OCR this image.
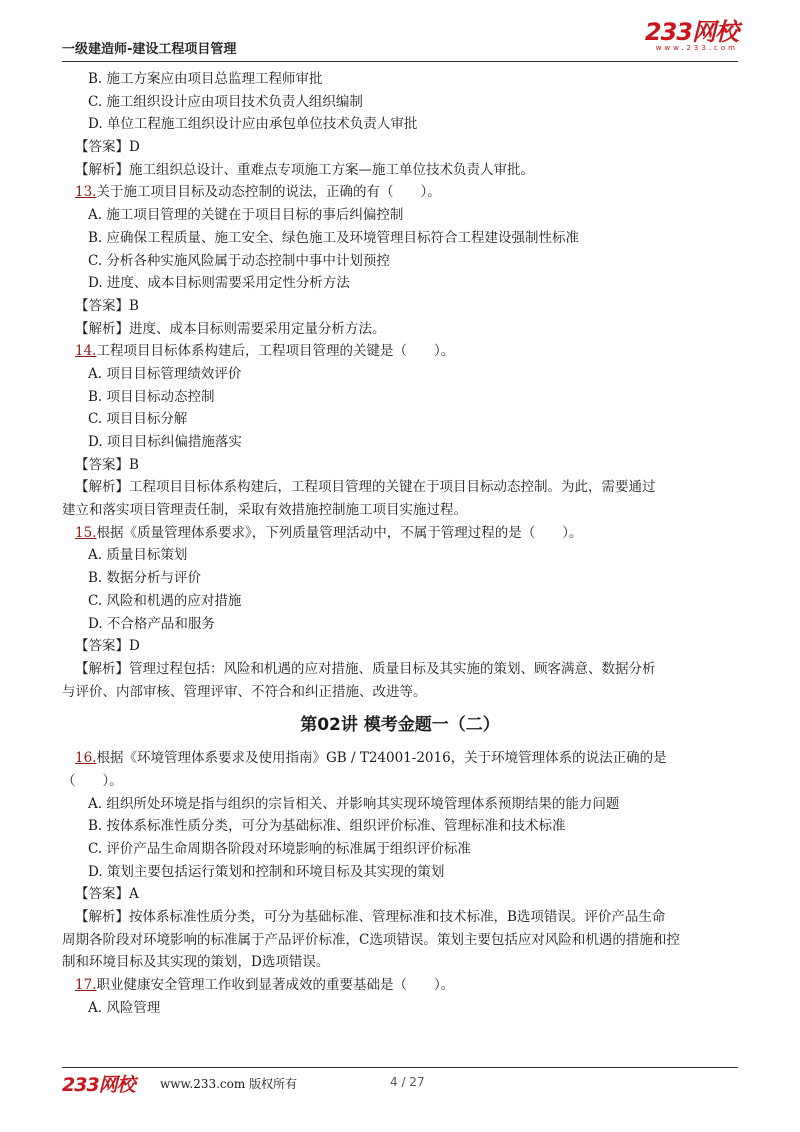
一级建造师-建设工程项目管理
233网校
www.233.com
B. 施工方案应由项目总监理工程师审批
C. 施工组织设计应由项目技术负责人组织编制
D. 单位工程施工组织设计应由承包单位技术负责人审批
【答案】D
【解析】施工组织总设计、重难点专项施工方案—施工单位技术负责人审批。
13.关于施工项目目标及动态控制的说法，正确的有（　　）。
A. 施工项目管理的关键在于项目目标的事后纠偏控制
B. 应确保工程质量、施工安全、绿色施工及环境管理目标符合工程建设强制性标准
C. 分析各种实施风险属于动态控制中事中计划预控
D. 进度、成本目标则需要采用定性分析方法
【答案】B
【解析】进度、成本目标则需要采用定量分析方法。
14.工程项目目标体系构建后，工程项目管理的关键是（　　）。
A. 项目目标管理绩效评价
B. 项目目标动态控制
C. 项目目标分解
D. 项目目标纠偏措施落实
【答案】B
【解析】工程项目目标体系构建后，工程项目管理的关键在于项目目标动态控制。为此，需要通过
建立和落实项目管理责任制，采取有效措施控制施工项目实施过程。
15.根据《质量管理体系要求》，下列质量管理活动中，不属于管理过程的是（　　）。
A. 质量目标策划
B. 数据分析与评价
C. 风险和机遇的应对措施
D. 不合格产品和服务
【答案】D
【解析】管理过程包括：风险和机遇的应对措施、质量目标及其实施的策划、顾客满意、数据分析
与评价、内部审核、管理评审、不符合和纠正措施、改进等。
第02讲 模考金题一（二）
16.根据《环境管理体系要求及使用指南》GB / T24001-2016，关于环境管理体系的说法正确的是
（　　）。
A. 组织所处环境是指与组织的宗旨相关、并影响其实现环境管理体系预期结果的能力问题
B. 按体系标准性质分类，可分为基础标准、组织评价标准、管理标准和技术标准
C. 评价产品生命周期各阶段对环境影响的标准属于组织评价标准
D. 策划主要包括运行策划和控制和环境目标及其实现的策划
【答案】A
【解析】按体系标准性质分类，可分为基础标准、管理标准和技术标准，B选项错误。评价产品生命
周期各阶段对环境影响的标准属于产品评价标准，C选项错误。策划主要包括应对风险和机遇的措施和控
制和环境目标及其实现的策划，D选项错误。
17.职业健康安全管理工作收到显著成效的重要基础是（　　）。
A. 风险管理
233网校 www.233.com 版权所有	4 / 27
